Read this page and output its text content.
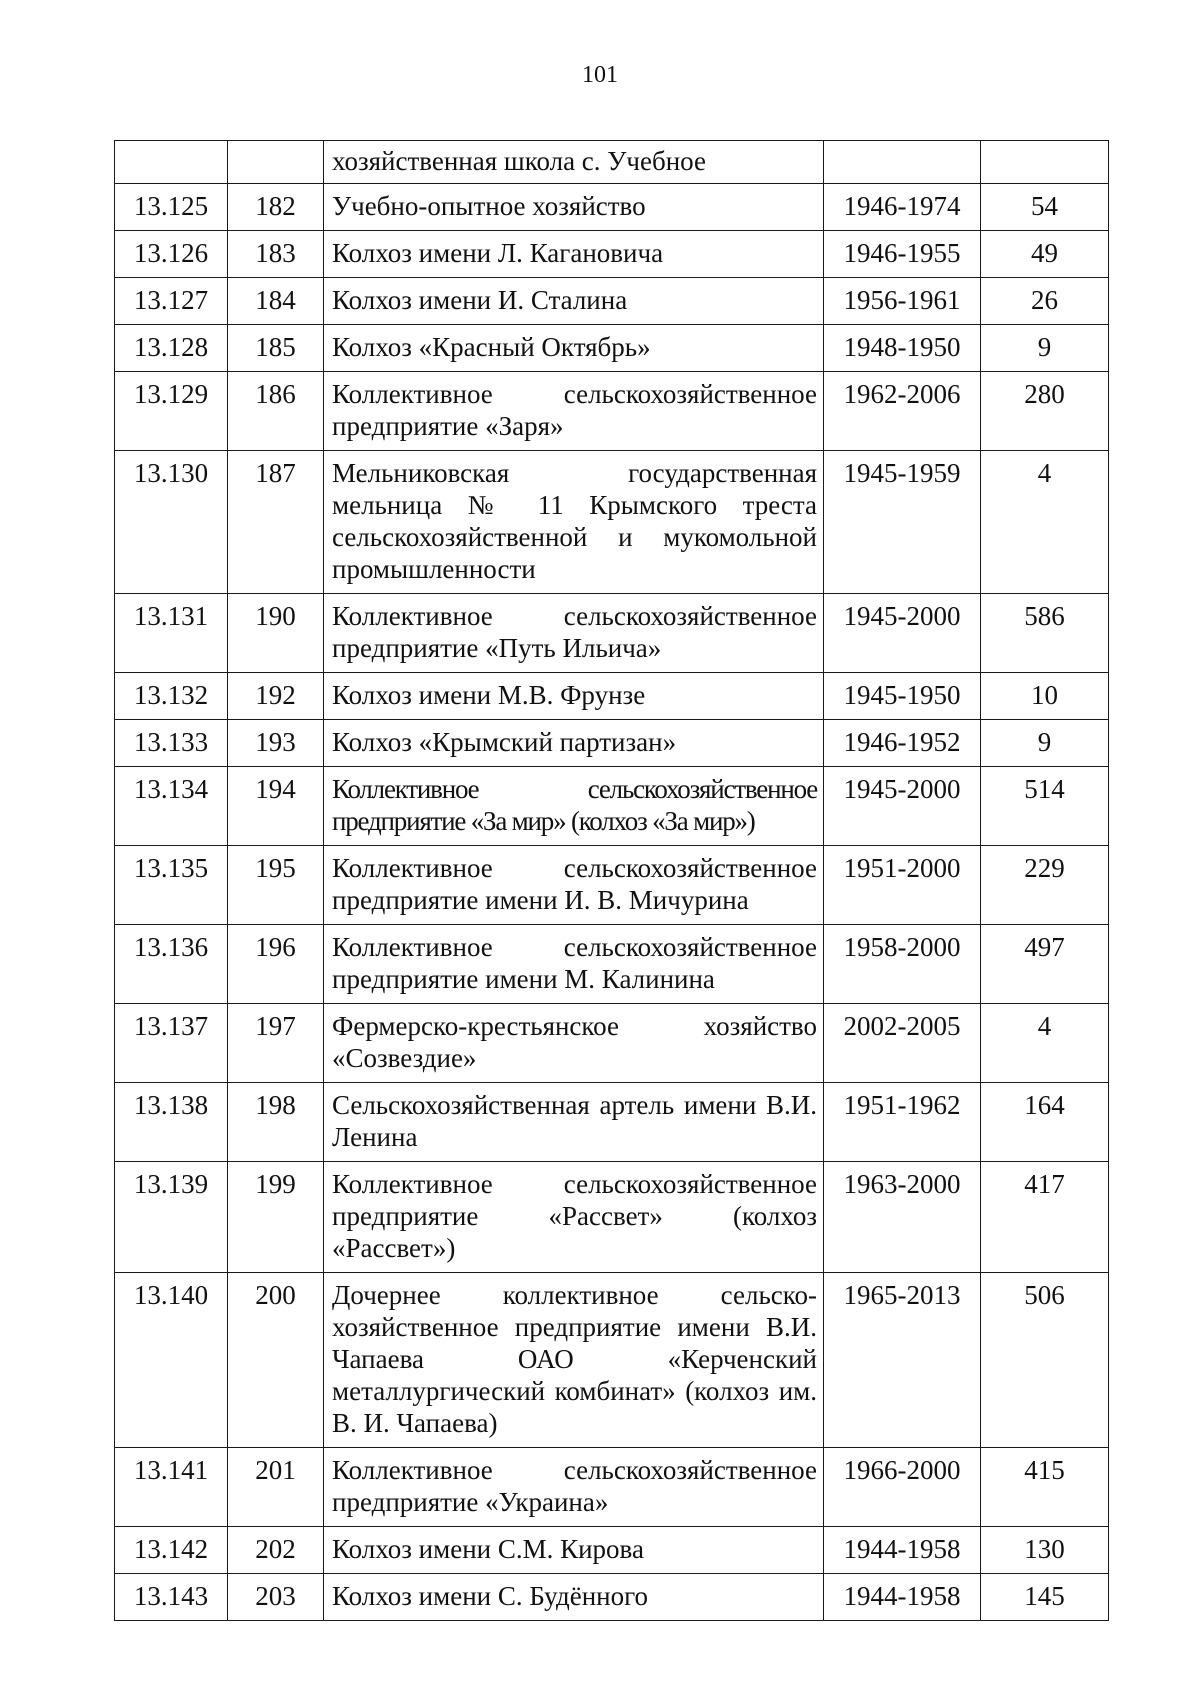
101
		хозяйственная школа с. Учебное		
13.125	182	Учебно-опытное хозяйство	1946-1974	54
13.126	183	Колхоз имени Л. Кагановича	1946-1955	49
13.127	184	Колхоз имени И. Сталина	1956-1961	26
13.128	185	Колхоз «Красный Октябрь»	1948-1950	9
13.129	186	Коллективное сельскохозяйственное предприятие «Заря»	1962-2006	280
13.130	187	Мельниковская государственная мельница № 11 Крымского треста сельскохозяйственной и мукомольной промышленности	1945-1959	4
13.131	190	Коллективное сельскохозяйственное предприятие «Путь Ильича»	1945-2000	586
13.132	192	Колхоз имени М.В. Фрунзе	1945-1950	10
13.133	193	Колхоз «Крымский партизан»	1946-1952	9
13.134	194	Коллективное сельскохозяйственное предприятие «За мир» (колхоз «За мир»)	1945-2000	514
13.135	195	Коллективное сельскохозяйственное предприятие имени И. В. Мичурина	1951-2000	229
13.136	196	Коллективное сельскохозяйственное предприятие имени М. Калинина	1958-2000	497
13.137	197	Фермерско-крестьянское хозяйство «Созвездие»	2002-2005	4
13.138	198	Сельскохозяйственная артель имени В.И. Ленина	1951-1962	164
13.139	199	Коллективное сельскохозяйственное предприятие «Рассвет» (колхоз «Рассвет»)	1963-2000	417
13.140	200	Дочернее коллективное сельско-хозяйственное предприятие имени В.И. Чапаева ОАО «Керченский металлургический комбинат» (колхоз им. В. И. Чапаева)	1965-2013	506
13.141	201	Коллективное сельскохозяйственное предприятие «Украина»	1966-2000	415
13.142	202	Колхоз имени С.М. Кирова	1944-1958	130
13.143	203	Колхоз имени С. Будённого	1944-1958	145
